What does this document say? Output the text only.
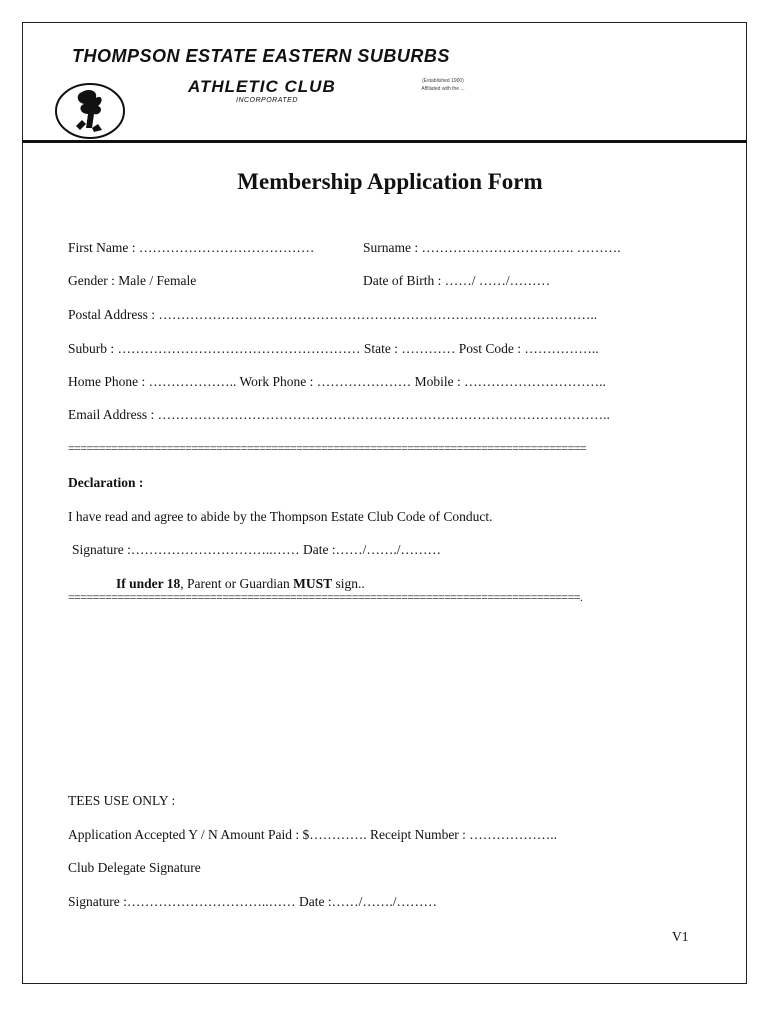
THOMPSON ESTATE EASTERN SUBURBS
ATHLETIC CLUB
INCORPORATED
(Established 1900)
Affiliated with the ...
Membership Application Form
First Name : …………………………………	Surname : ……………………………. ……….
Gender : Male / Female	Date of Birth : ……/ ……/………
Postal Address : ……………………………………………………………………………………..
Suburb : ……………………………………………… State : ………… Post Code : ……………..
Home Phone : ……………….. Work Phone : ………………… Mobile : …………………………..
Email Address : ………………………………………………………………………………………..
====================================================================================
Declaration :
I have read and agree to abide by the Thompson Estate Club Code of Conduct.
Signature :…………………………..…… Date :……/……./………
If under 18, Parent or Guardian MUST sign..
===================================================================================.
TEES USE ONLY :
Application Accepted Y / N Amount Paid : $…………. Receipt Number : ………………..
Club Delegate Signature
Signature :…………………………..…… Date :……/……./………
V1
